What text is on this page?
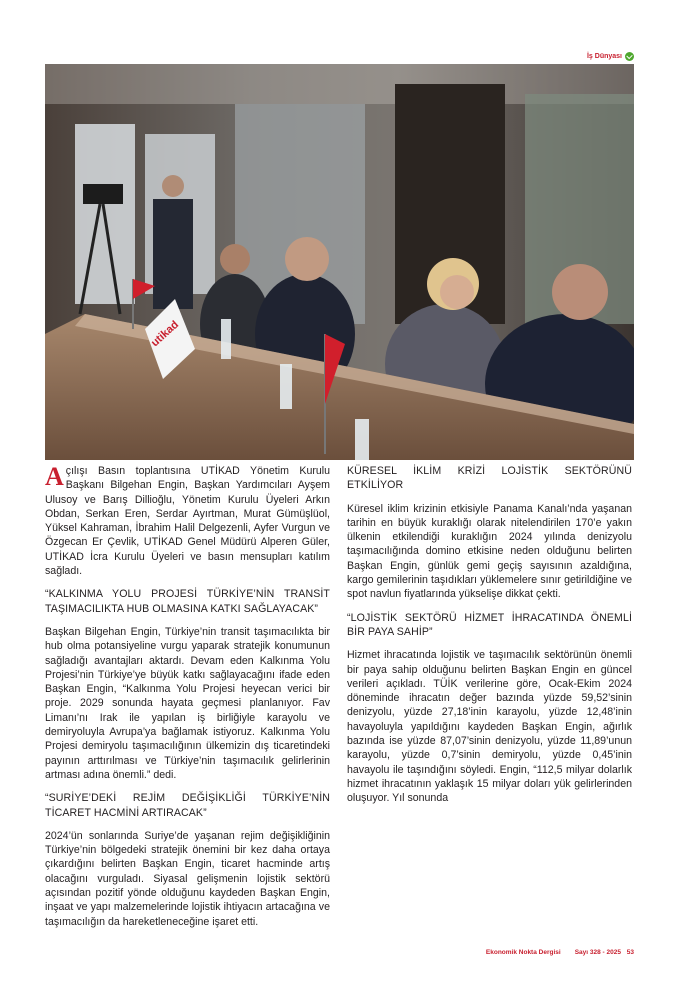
İş Dünyası
utikad

Açılışı Basın toplantısına UTİKAD Yönetim Kurulu Başkanı Bilgehan Engin, Başkan Yardımcıları Ayşem Ulusoy ve Barış Dillioğlu, Yönetim Kurulu Üyeleri Arkın Obdan, Serkan Eren, Serdar Ayırtman, Murat Gümüşlüol, Yüksel Kahraman, İbrahim Halil Delgezenli, Ayfer Vurgun ve Özgecan Er Çevlik, UTİKAD Genel Müdürü Alperen Güler, UTİKAD İcra Kurulu Üyeleri ve basın mensupları katılım sağladı.

“KALKINMA YOLU PROJESİ TÜRKİYE’NİN TRANSİT TAŞIMACILIKTA HUB OLMASINA KATKI SAĞLAYACAK”

Başkan Bilgehan Engin, Türkiye’nin transit taşımacılıkta bir hub olma potansiyeline vurgu yaparak stratejik konumunun sağladığı avantajları aktardı. Devam eden Kalkınma Yolu Projesi’nin Türkiye’ye büyük katkı sağlayacağını ifade eden Başkan Engin, “Kalkınma Yolu Projesi heyecan verici bir proje. 2029 sonunda hayata geçmesi planlanıyor. Fav Limanı’nı Irak ile yapılan iş birliğiyle karayolu ve demiryoluyla Avrupa’ya bağlamak istiyoruz. Kalkınma Yolu Projesi demiryolu taşımacılığının ülkemizin dış ticaretindeki payının arttırılması ve Türkiye’nin taşımacılık gelirlerinin artması adına önemli.” dedi.

“SURİYE’DEKİ REJİM DEĞİŞİKLİĞİ TÜRKİYE’NİN TİCARET HACMİNİ ARTIRACAK”

2024’ün sonlarında Suriye’de yaşanan rejim değişikliğinin Türkiye’nin bölgedeki stratejik önemini bir kez daha ortaya çıkardığını belirten Başkan Engin, ticaret hacminde artış olacağını vurguladı. Siyasal gelişmenin lojistik sektörü açısından pozitif yönde olduğunu kaydeden Başkan Engin, inşaat ve yapı malzemelerinde lojistik ihtiyacın artacağına ve taşımacılığın da hareketleneceğine işaret etti.

KÜRESEL İKLİM KRİZİ LOJİSTİK SEKTÖRÜNÜ ETKİLİYOR

Küresel iklim krizinin etkisiyle Panama Kanalı’nda yaşanan tarihin en büyük kuraklığı olarak nitelendirilen 170’e yakın ülkenin etkilendiği kuraklığın 2024 yılında denizyolu taşımacılığında domino etkisine neden olduğunu belirten Başkan Engin, günlük gemi geçiş sayısının azaldığına, kargo gemilerinin taşıdıkları yüklemelere sınır getirildiğine ve spot navlun fiyatlarında yükselişe dikkat çekti.

“LOJİSTİK SEKTÖRÜ HİZMET İHRACATINDA ÖNEMLİ BİR PAYA SAHİP”

Hizmet ihracatında lojistik ve taşımacılık sektörünün önemli bir paya sahip olduğunu belirten Başkan Engin en güncel verileri açıkladı. TÜİK verilerine göre, Ocak-Ekim 2024 döneminde ihracatın değer bazında yüzde 59,52’sinin denizyolu, yüzde 27,18’inin karayolu, yüzde 12,48’inin havayoluyla yapıldığını kaydeden Başkan Engin, ağırlık bazında ise yüzde 87,07’sinin denizyolu, yüzde 11,89’unun karayolu, yüzde 0,7’sinin demiryolu, yüzde 0,45’inin havayolu ile taşındığını söyledi. Engin, “112,5 milyar dolarlık hizmet ihracatının yaklaşık 15 milyar doları yük gelirlerinden oluşuyor. Yıl sonunda

Ekonomik Nokta Dergisi Sayı 328 - 2025 53
